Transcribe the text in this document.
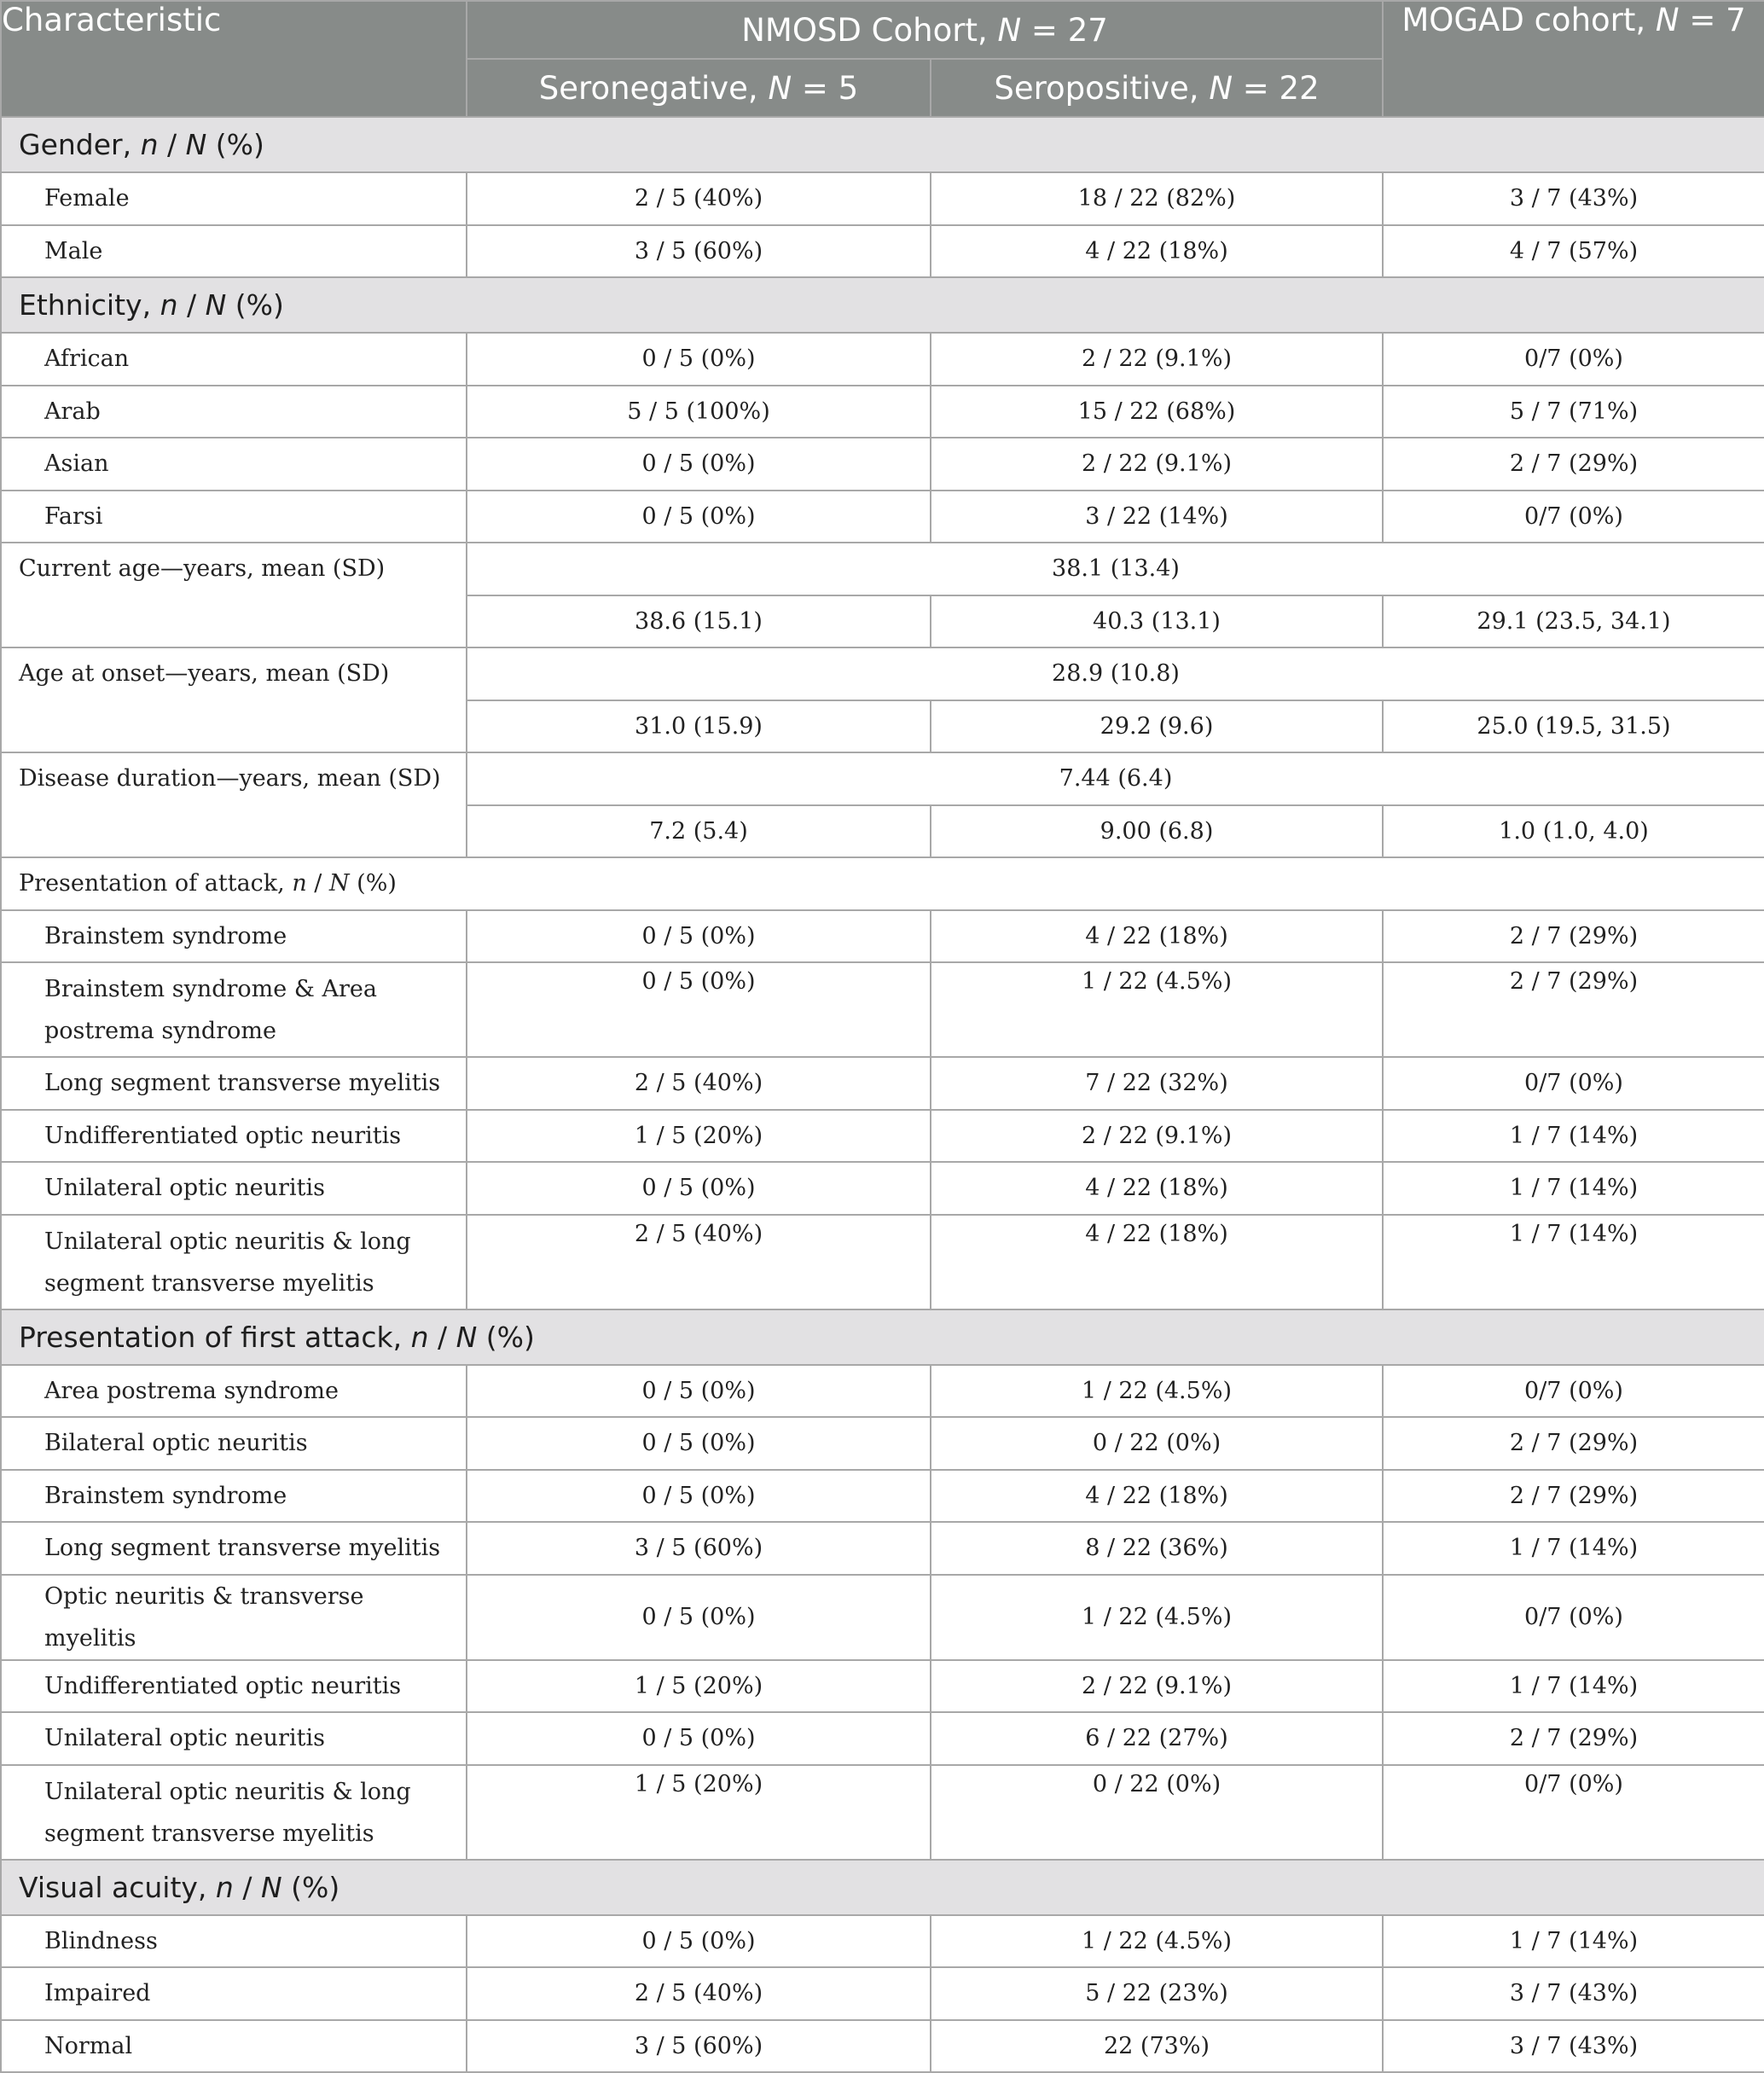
Characteristic	NMOSD Cohort, N = 27		MOGAD cohort, N = 7
	Seronegative, N = 5	Seropositive, N = 22	
Gender, n / N (%)			
Female	2 / 5 (40%)	18 / 22 (82%)	3 / 7 (43%)
Male	3 / 5 (60%)	4 / 22 (18%)	4 / 7 (57%)
Ethnicity, n / N (%)			
African	0 / 5 (0%)	2 / 22 (9.1%)	0/7 (0%)
Arab	5 / 5 (100%)	15 / 22 (68%)	5 / 7 (71%)
Asian	0 / 5 (0%)	2 / 22 (9.1%)	2 / 7 (29%)
Farsi	0 / 5 (0%)	3 / 22 (14%)	0/7 (0%)
Current age—years, mean (SD)	38.1 (13.4)		
	38.6 (15.1)	40.3 (13.1)	29.1 (23.5, 34.1)
Age at onset—years, mean (SD)	28.9 (10.8)		
	31.0 (15.9)	29.2 (9.6)	25.0 (19.5, 31.5)
Disease duration—years, mean (SD)	7.44 (6.4)		
	7.2 (5.4)	9.00 (6.8)	1.0 (1.0, 4.0)
Presentation of attack, n / N (%)			
Brainstem syndrome	0 / 5 (0%)	4 / 22 (18%)	2 / 7 (29%)
Brainstem syndrome & Area postrema syndrome	0 / 5 (0%)	1 / 22 (4.5%)	2 / 7 (29%)
Long segment transverse myelitis	2 / 5 (40%)	7 / 22 (32%)	0/7 (0%)
Undifferentiated optic neuritis	1 / 5 (20%)	2 / 22 (9.1%)	1 / 7 (14%)
Unilateral optic neuritis	0 / 5 (0%)	4 / 22 (18%)	1 / 7 (14%)
Unilateral optic neuritis & long segment transverse myelitis	2 / 5 (40%)	4 / 22 (18%)	1 / 7 (14%)
Presentation of first attack, n / N (%)			
Area postrema syndrome	0 / 5 (0%)	1 / 22 (4.5%)	0/7 (0%)
Bilateral optic neuritis	0 / 5 (0%)	0 / 22 (0%)	2 / 7 (29%)
Brainstem syndrome	0 / 5 (0%)	4 / 22 (18%)	2 / 7 (29%)
Long segment transverse myelitis	3 / 5 (60%)	8 / 22 (36%)	1 / 7 (14%)
Optic neuritis & transverse myelitis	0 / 5 (0%)	1 / 22 (4.5%)	0/7 (0%)
Undifferentiated optic neuritis	1 / 5 (20%)	2 / 22 (9.1%)	1 / 7 (14%)
Unilateral optic neuritis	0 / 5 (0%)	6 / 22 (27%)	2 / 7 (29%)
Unilateral optic neuritis & long segment transverse myelitis	1 / 5 (20%)	0 / 22 (0%)	0/7 (0%)
Visual acuity, n / N (%)			
Blindness	0 / 5 (0%)	1 / 22 (4.5%)	1 / 7 (14%)
Impaired	2 / 5 (40%)	5 / 22 (23%)	3 / 7 (43%)
Normal	3 / 5 (60%)	22 (73%)	3 / 7 (43%)
